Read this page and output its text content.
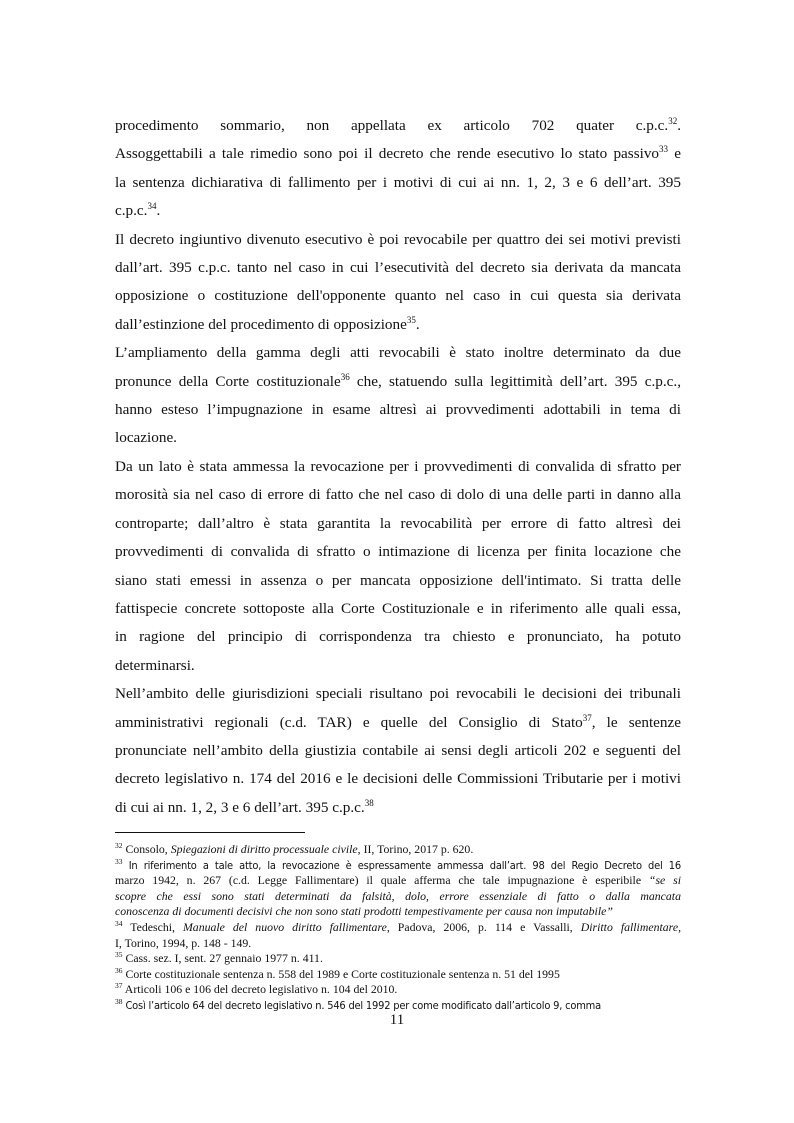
procedimento sommario, non appellata ex articolo 702 quater c.p.c.$^{32}$.
Assoggettabili a tale rimedio sono poi il decreto che rende esecutivo lo stato passivo$^{33}$ e
la sentenza dichiarativa di fallimento per i motivi di cui ai nn. 1, 2, 3 e 6 dell’art. 395
c.p.c.$^{34}$.

Il decreto ingiuntivo divenuto esecutivo è poi revocabile per quattro dei sei motivi previsti
dall’art. 395 c.p.c. tanto nel caso in cui l’esecutività del decreto sia derivata da mancata
opposizione o costituzione dell'opponente quanto nel caso in cui questa sia derivata
dall’estinzione del procedimento di opposizione$^{35}$.

L’ampliamento della gamma degli atti revocabili è stato inoltre determinato da due
pronunce della Corte costituzionale$^{36}$ che, statuendo sulla legittimità dell’art. 395 c.p.c.,
hanno esteso l’impugnazione in esame altresì ai provvedimenti adottabili in tema di
locazione.

Da un lato è stata ammessa la revocazione per i provvedimenti di convalida di sfratto per
morosità sia nel caso di errore di fatto che nel caso di dolo di una delle parti in danno alla
controparte; dall’altro è stata garantita la revocabilità per errore di fatto altresì dei
provvedimenti di convalida di sfratto o intimazione di licenza per finita locazione che
siano stati emessi in assenza o per mancata opposizione dell'intimato. Si tratta delle
fattispecie concrete sottoposte alla Corte Costituzionale e in riferimento alle quali essa,
in ragione del principio di corrispondenza tra chiesto e pronunciato, ha potuto
determinarsi.

Nell’ambito delle giurisdizioni speciali risultano poi revocabili le decisioni dei tribunali
amministrativi regionali (c.d. TAR) e quelle del Consiglio di Stato$^{37}$, le sentenze
pronunciate nell’ambito della giustizia contabile ai sensi degli articoli 202 e seguenti del
decreto legislativo n. 174 del 2016 e le decisioni delle Commissioni Tributarie per i motivi
di cui ai nn. 1, 2, 3 e 6 dell’art. 395 c.p.c.$^{38}$

$^{32}$ Consolo, Spiegazioni di diritto processuale civile, II, Torino, 2017 p. 620.
$^{33}$ In riferimento a tale atto, la revocazione è espressamente ammessa dall’art. 98 del Regio Decreto del 16
marzo 1942, n. 267 (c.d. Legge Fallimentare) il quale afferma che tale impugnazione è esperibile “se si
scopre che essi sono stati determinati da falsità, dolo, errore essenziale di fatto o dalla mancata
conoscenza di documenti decisivi che non sono stati prodotti tempestivamente per causa non imputabile”
$^{34}$ Tedeschi, Manuale del nuovo diritto fallimentare, Padova, 2006, p. 114 e Vassalli, Diritto fallimentare,
I, Torino, 1994, p. 148 - 149.
$^{35}$ Cass. sez. I, sent. 27 gennaio 1977 n. 411.
$^{36}$ Corte costituzionale sentenza n. 558 del 1989 e Corte costituzionale sentenza n. 51 del 1995
$^{37}$ Articoli 106 e 106 del decreto legislativo n. 104 del 2010.
$^{38}$ Così l’articolo 64 del decreto legislativo n. 546 del 1992 per come modificato dall’articolo 9, comma
11
